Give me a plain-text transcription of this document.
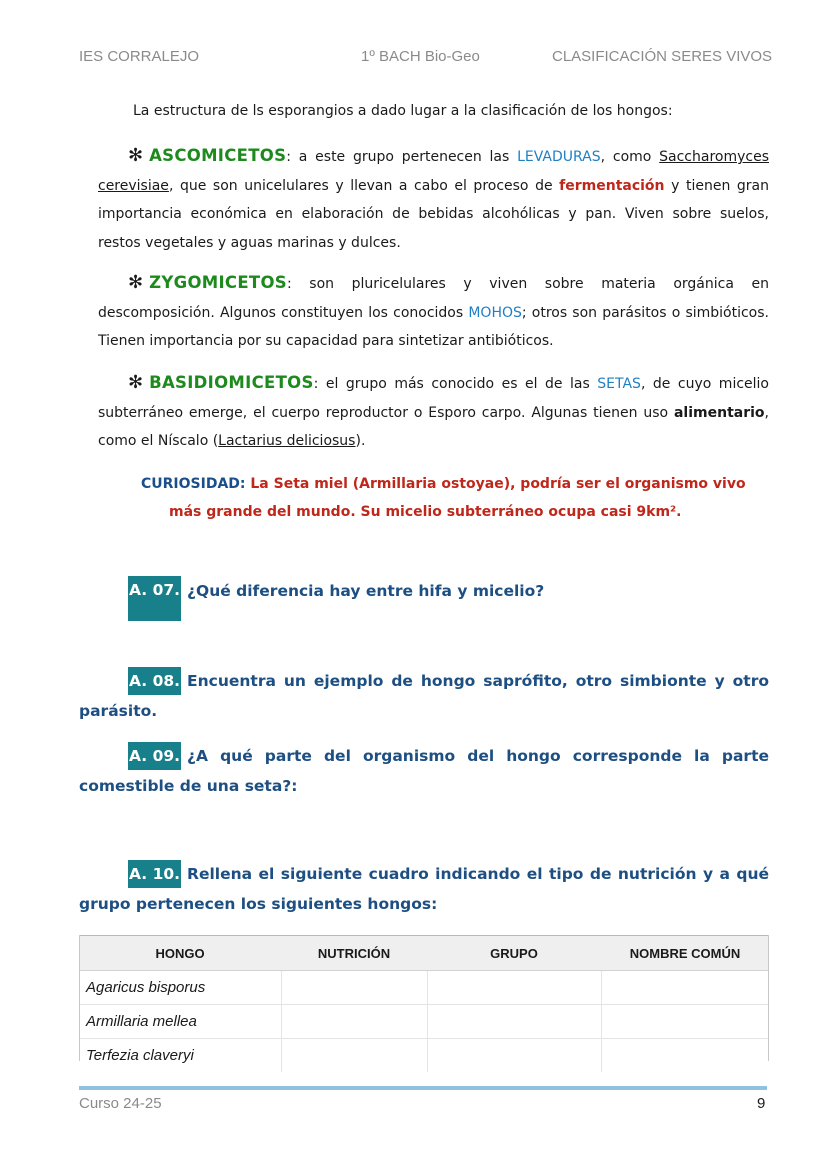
IES CORRALEJO	1º BACH Bio-Geo	CLASIFICACIÓN SERES VIVOS
La estructura de ls esporangios a dado lugar a la clasificación de los hongos:
✻ ASCOMICETOS: a este grupo pertenecen las LEVADURAS, como Saccharomyces cerevisiae, que son unicelulares y llevan a cabo el proceso de fermentación y tienen gran importancia económica en elaboración de bebidas alcohólicas y pan. Viven sobre suelos, restos vegetales y aguas marinas y dulces.
✻ ZYGOMICETOS: son pluricelulares y viven sobre materia orgánica en descomposición. Algunos constituyen los conocidos MOHOS; otros son parásitos o simbióticos. Tienen importancia por su capacidad para sintetizar antibióticos.
✻ BASIDIOMICETOS: el grupo más conocido es el de las SETAS, de cuyo micelio subterráneo emerge, el cuerpo reproductor o Esporo carpo. Algunas tienen uso alimentario, como el Níscalo (Lactarius deliciosus).
CURIOSIDAD: La Seta miel (Armillaria ostoyae), podría ser el organismo vivo
más grande del mundo. Su micelio subterráneo ocupa casi 9km².
A. 07. ¿Qué diferencia hay entre hifa y micelio?
A. 08. Encuentra un ejemplo de hongo saprófito, otro simbionte y otro parásito.
A. 09. ¿A qué parte del organismo del hongo corresponde la parte comestible de una seta?:
A. 10. Rellena el siguiente cuadro indicando el tipo de nutrición y a qué grupo pertenecen los siguientes hongos:
HONGO	NUTRICIÓN	GRUPO	NOMBRE COMÚN
Agaricus bisporus			
Armillaria mellea			
Terfezia claveryi			
Curso 24-25	9
